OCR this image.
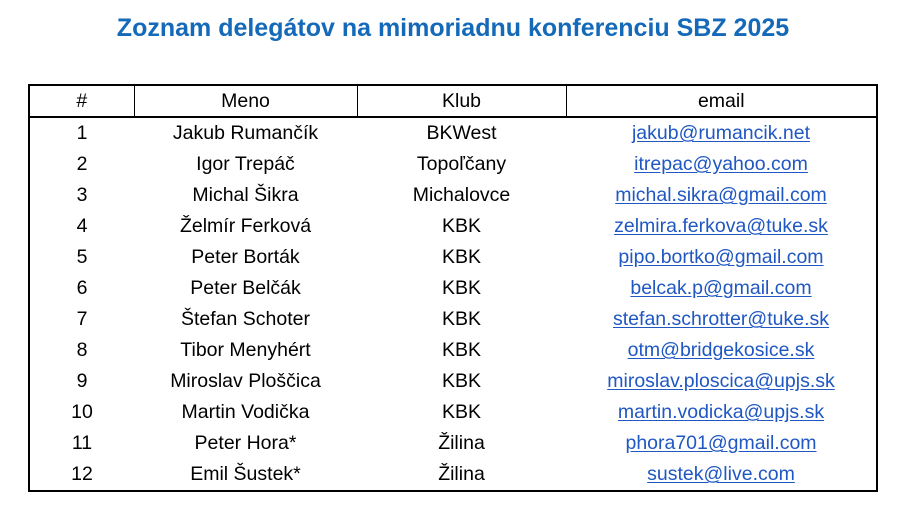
Zoznam delegátov na mimoriadnu konferenciu SBZ 2025
#	Meno	Klub	email
1	Jakub Rumančík	BKWest	jakub@rumancik.net
2	Igor Trepáč	Topoľčany	itrepac@yahoo.com
3	Michal Šikra	Michalovce	michal.sikra@gmail.com
4	Želmír Ferková	KBK	zelmira.ferkova@tuke.sk
5	Peter Borták	KBK	pipo.bortko@gmail.com
6	Peter Belčák	KBK	belcak.p@gmail.com
7	Štefan Schoter	KBK	stefan.schrotter@tuke.sk
8	Tibor Menyhért	KBK	otm@bridgekosice.sk
9	Miroslav Ploščica	KBK	miroslav.ploscica@upjs.sk
10	Martin Vodička	KBK	martin.vodicka@upjs.sk
11	Peter Hora*	Žilina	phora701@gmail.com
12	Emil Šustek*	Žilina	sustek@live.com
